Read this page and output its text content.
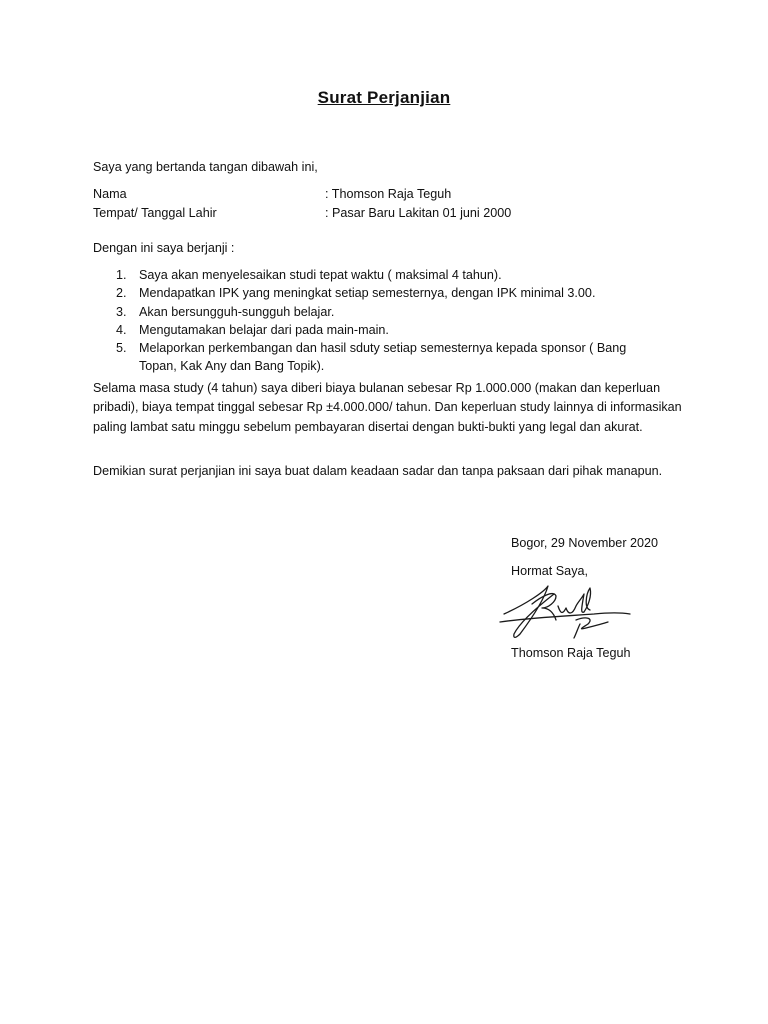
Surat Perjanjian
Saya yang bertanda tangan dibawah ini,
Nama	: Thomson Raja Teguh
Tempat/ Tanggal Lahir	: Pasar Baru Lakitan 01 juni 2000
Dengan ini saya berjanji :
1. Saya akan menyelesaikan studi tepat waktu ( maksimal 4 tahun).
2. Mendapatkan IPK yang meningkat setiap semesternya, dengan IPK minimal 3.00.
3. Akan bersungguh-sungguh belajar.
4. Mengutamakan belajar dari pada main-main.
5. Melaporkan perkembangan dan hasil sduty setiap semesternya kepada sponsor ( Bang Topan, Kak Any dan Bang Topik).
Selama masa study (4 tahun) saya diberi biaya bulanan sebesar Rp 1.000.000 (makan dan keperluan pribadi), biaya tempat tinggal sebesar Rp ±4.000.000/ tahun. Dan keperluan study lainnya di informasikan paling lambat satu minggu sebelum pembayaran disertai dengan bukti-bukti yang legal dan akurat.
Demikian surat perjanjian ini saya buat dalam keadaan sadar dan tanpa paksaan dari pihak manapun.
Bogor, 29 November 2020
Hormat Saya,
Thomson Raja Teguh
